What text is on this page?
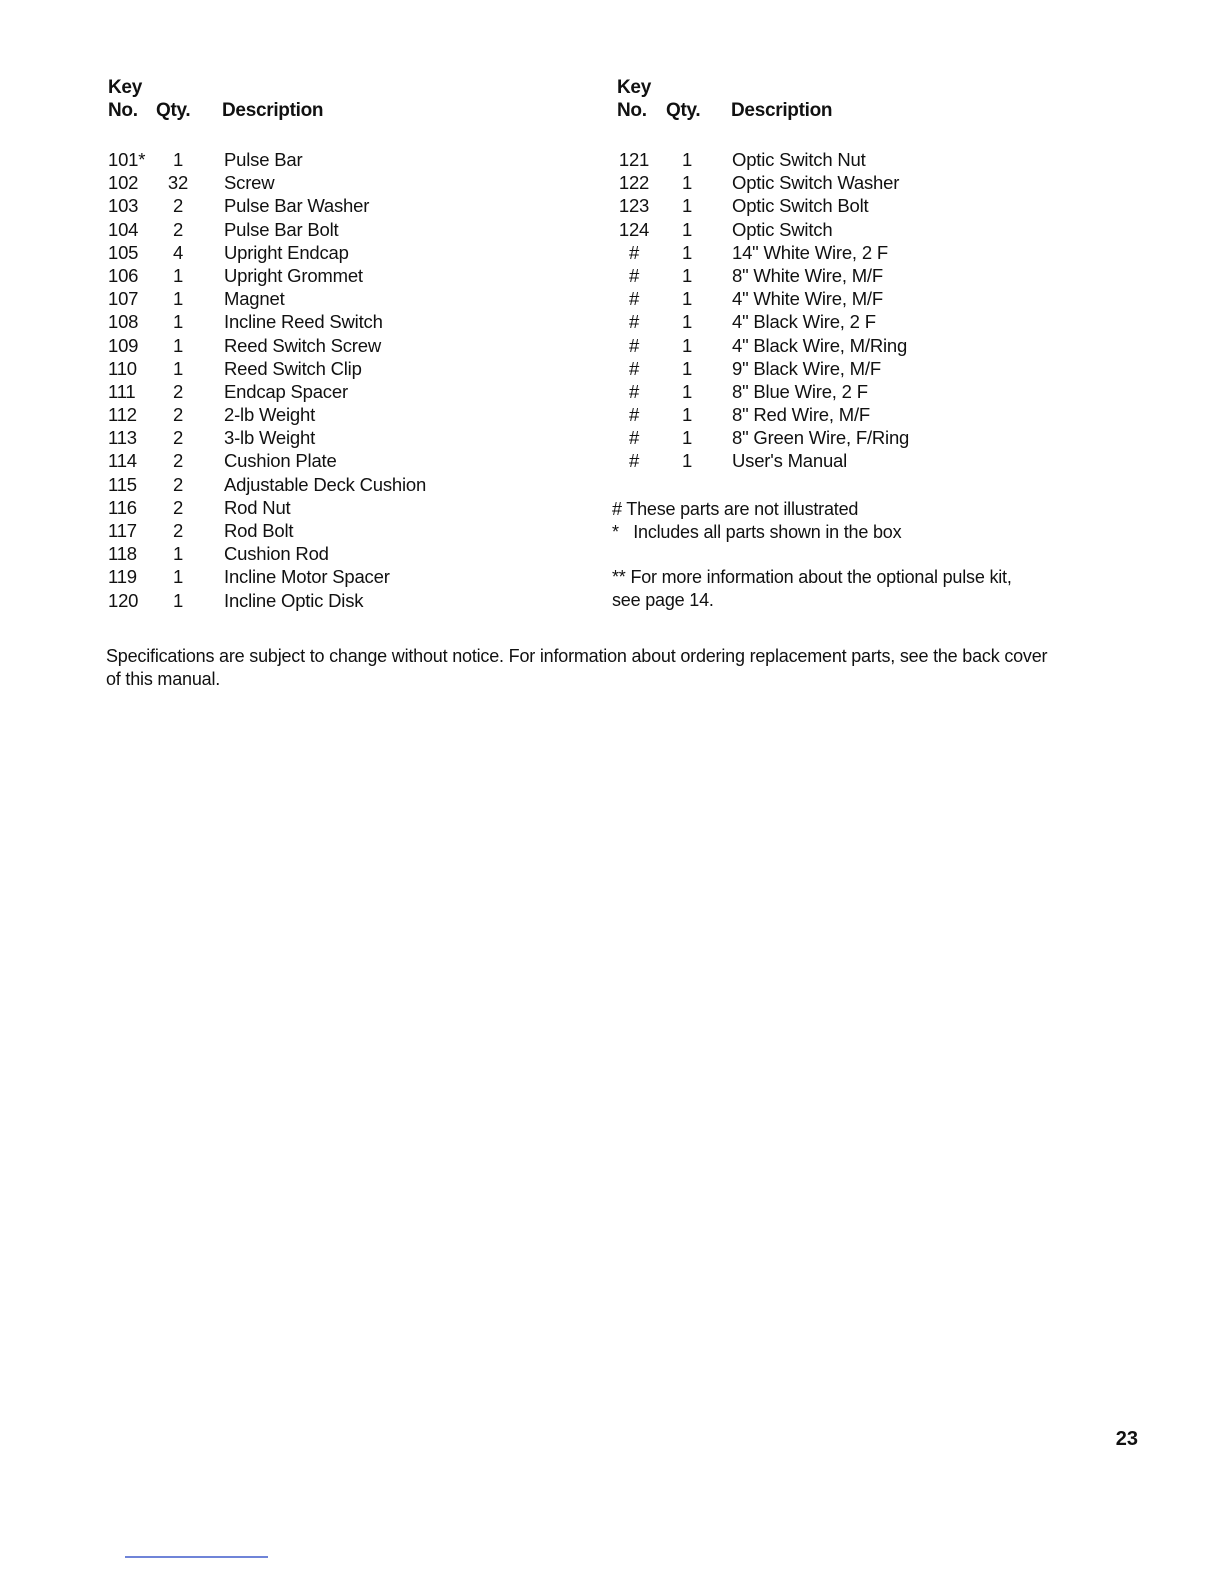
Key
No. Qty. Description
101*	1	Pulse Bar
102	32 Screw
103	2	Pulse Bar Washer
104	2	Pulse Bar Bolt
105	4	Upright Endcap
106	1	Upright Grommet
107	1	Magnet
108	1	Incline Reed Switch
109	1	Reed Switch Screw
110	1	Reed Switch Clip
111	2	Endcap Spacer
112	2	2-lb Weight
113	2	3-lb Weight
114	2	Cushion Plate
115	2	Adjustable Deck Cushion
116	2	Rod Nut
117	2	Rod Bolt
118	1	Cushion Rod
119	1	Incline Motor Spacer
120	1	Incline Optic Disk
Key
No. Qty. Description
121	1	Optic Switch Nut
122	1	Optic Switch Washer
123	1	Optic Switch Bolt
124	1	Optic Switch
#	1	14" White Wire, 2 F
#	1	8" White Wire, M/F
#	1	4" White Wire, M/F
#	1	4" Black Wire, 2 F
#	1	4" Black Wire, M/Ring
#	1	9" Black Wire, M/F
#	1	8" Blue Wire, 2 F
#	1	8" Red Wire, M/F
#	1	8" Green Wire, F/Ring
#	1	User's Manual
# These parts are not illustrated
* Includes all parts shown in the box
** For more information about the optional pulse kit,
see page 14.
Specifications are subject to change without notice. For information about ordering replacement parts, see the back cover of this manual.
23
